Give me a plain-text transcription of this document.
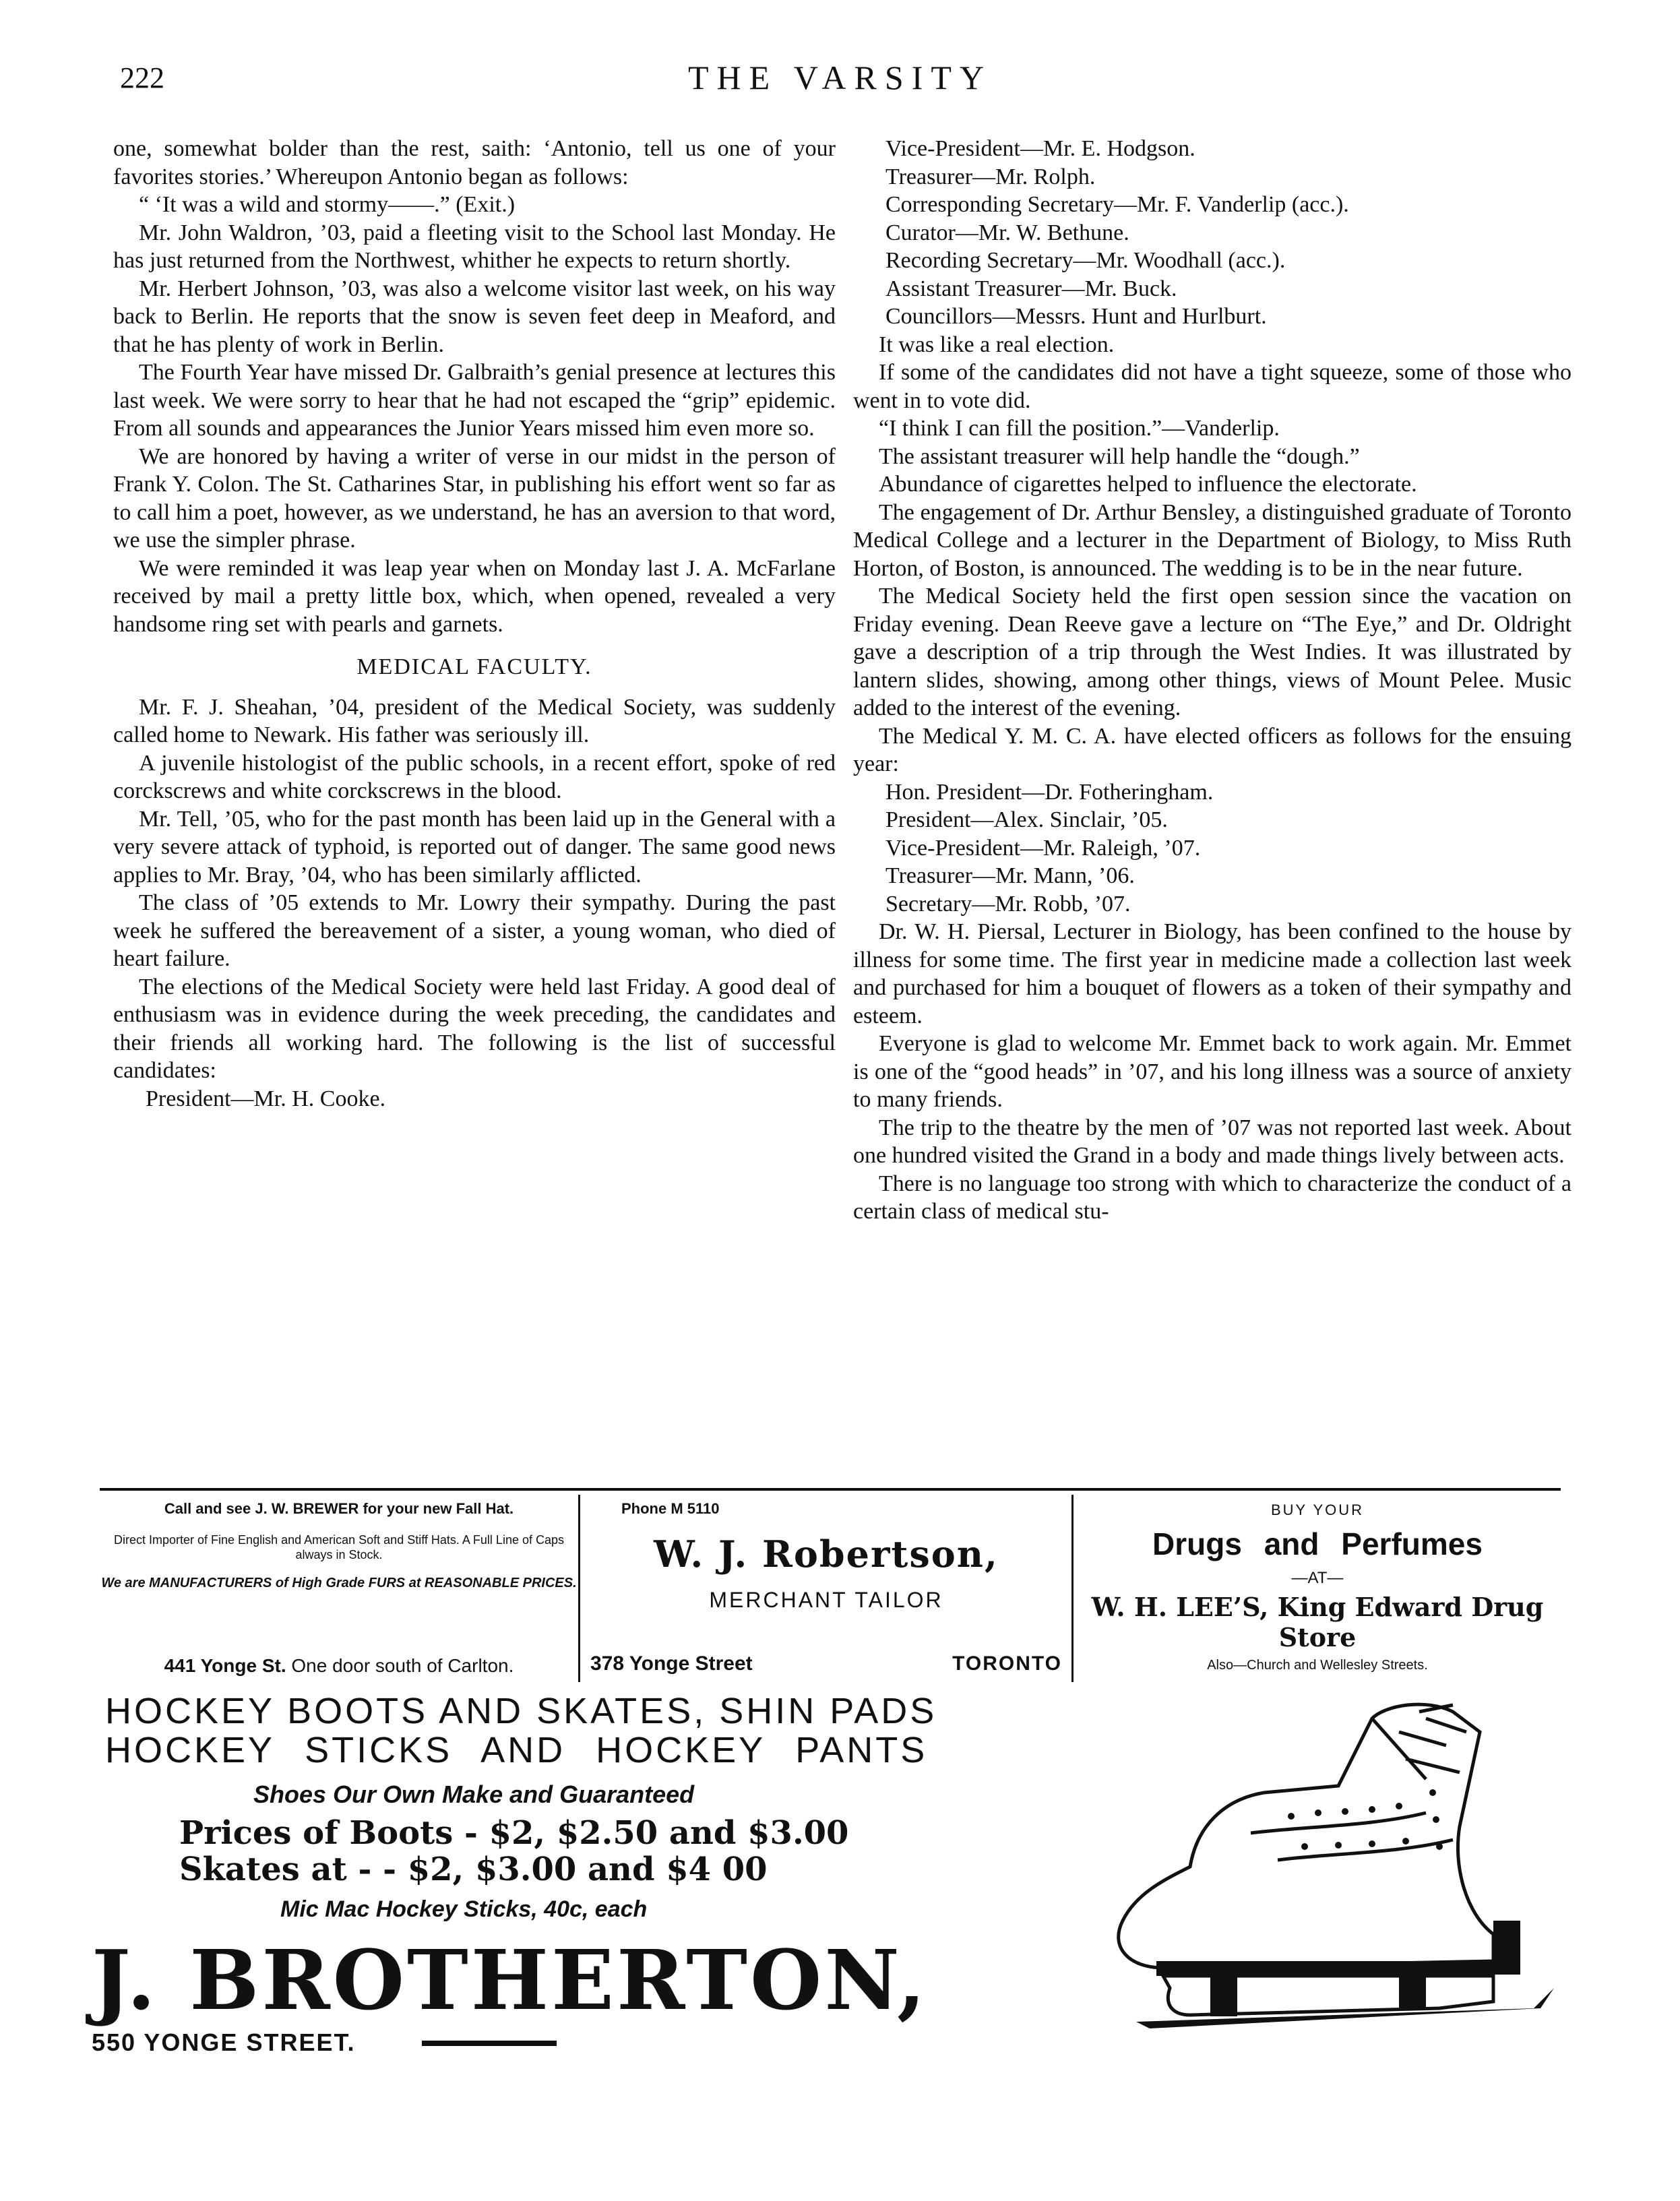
222	THE VARSITY

one, somewhat bolder than the rest, saith: ‘Antonio, tell us one of your favorites stories.’ Whereupon Antonio began as follows:

“ ‘It was a wild and stormy——.” (Exit.)

Mr. John Waldron, ’03, paid a fleeting visit to the School last Monday. He has just returned from the Northwest, whither he expects to return shortly.

Mr. Herbert Johnson, ’03, was also a welcome visitor last week, on his way back to Berlin. He reports that the snow is seven feet deep in Meaford, and that he has plenty of work in Berlin.

The Fourth Year have missed Dr. Galbraith’s genial presence at lectures this last week. We were sorry to hear that he had not escaped the “grip” epidemic. From all sounds and appearances the Junior Years missed him even more so.

We are honored by having a writer of verse in our midst in the person of Frank Y. Colon. The St. Catharines Star, in publishing his effort went so far as to call him a poet, however, as we understand, he has an aversion to that word, we use the simpler phrase.

We were reminded it was leap year when on Monday last J. A. McFarlane received by mail a pretty little box, which, when opened, revealed a very handsome ring set with pearls and garnets.

MEDICAL FACULTY.

Mr. F. J. Sheahan, ’04, president of the Medical Society, was suddenly called home to Newark. His father was seriously ill.

A juvenile histologist of the public schools, in a recent effort, spoke of red corckscrews and white corckscrews in the blood.

Mr. Tell, ’05, who for the past month has been laid up in the General with a very severe attack of typhoid, is reported out of danger. The same good news applies to Mr. Bray, ’04, who has been similarly afflicted.

The class of ’05 extends to Mr. Lowry their sympathy. During the past week he suffered the bereavement of a sister, a young woman, who died of heart failure.

The elections of the Medical Society were held last Friday. A good deal of enthusiasm was in evidence during the week preceding, the candidates and their friends all working hard. The following is the list of successful candidates:

President—Mr. H. Cooke.

Vice-President—Mr. E. Hodgson.

Treasurer—Mr. Rolph.

Corresponding Secretary—Mr. F. Vanderlip (acc.).

Curator—Mr. W. Bethune.

Recording Secretary—Mr. Woodhall (acc.).

Assistant Treasurer—Mr. Buck.

Councillors—Messrs. Hunt and Hurlburt.

It was like a real election.

If some of the candidates did not have a tight squeeze, some of those who went in to vote did.

“I think I can fill the position.”—Vanderlip.

The assistant treasurer will help handle the “dough.”

Abundance of cigarettes helped to influence the electorate.

The engagement of Dr. Arthur Bensley, a distinguished graduate of Toronto Medical College and a lecturer in the Department of Biology, to Miss Ruth Horton, of Boston, is announced. The wedding is to be in the near future.

The Medical Society held the first open session since the vacation on Friday evening. Dean Reeve gave a lecture on “The Eye,” and Dr. Oldright gave a description of a trip through the West Indies. It was illustrated by lantern slides, showing, among other things, views of Mount Pelee. Music added to the interest of the evening.

The Medical Y. M. C. A. have elected officers as follows for the ensuing year:

Hon. President—Dr. Fotheringham.

President—Alex. Sinclair, ’05.

Vice-President—Mr. Raleigh, ’07.

Treasurer—Mr. Mann, ’06.

Secretary—Mr. Robb, ’07.

Dr. W. H. Piersal, Lecturer in Biology, has been confined to the house by illness for some time. The first year in medicine made a collection last week and purchased for him a bouquet of flowers as a token of their sympathy and esteem.

Everyone is glad to welcome Mr. Emmet back to work again. Mr. Emmet is one of the “good heads” in ’07, and his long illness was a source of anxiety to many friends.

The trip to the theatre by the men of ’07 was not reported last week. About one hundred visited the Grand in a body and made things lively between acts.

There is no language too strong with which to characterize the conduct of a certain class of medical stu-

Call and see J. W. BREWER for your new Fall Hat.
Direct Importer of Fine English and American Soft and Stiff Hats. A Full Line of Caps always in Stock.
We are MANUFACTURERS of High Grade FURS at REASONABLE PRICES.
441 Yonge St. One door south of Carlton.
Phone M 5110
W. J. Robertson,
MERCHANT TAILOR
378 Yonge Street	TORONTO
BUY YOUR
Drugs and Perfumes
—AT—
W. H. LEE’S, King Edward Drug Store
Also—Church and Wellesley Streets.
HOCKEY BOOTS AND SKATES, SHIN PADS
HOCKEY STICKS AND HOCKEY PANTS
Shoes Our Own Make and Guaranteed
Prices of Boots - $2, $2.50 and $3.00
Skates at - - $2, $3.00 and $4 00
Mic Mac Hockey Sticks, 40c, each
J. BROTHERTON,
550 YONGE STREET.
